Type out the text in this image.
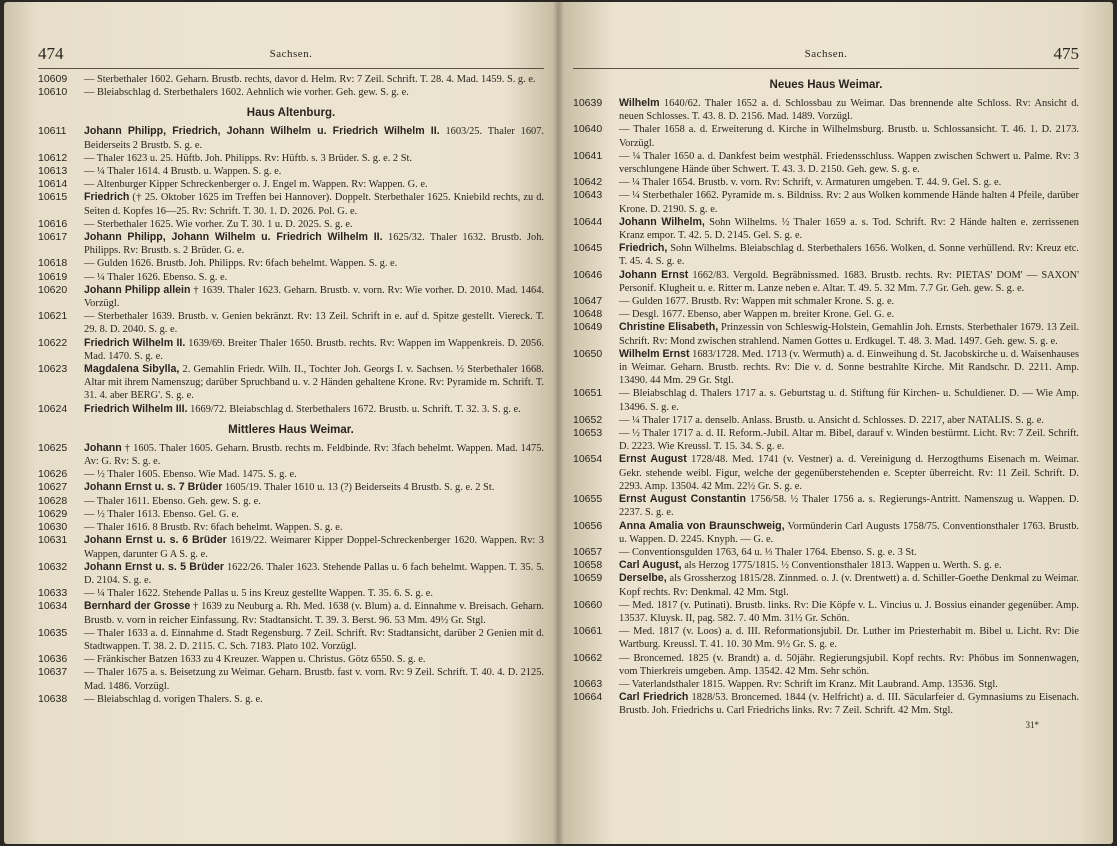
474	Sachsen.
10609 — Sterbethaler 1602. Geharn. Brustb. rechts, davor d. Helm. Rv: 7 Zeil. Schrift. T. 28. 4. Mad. 1459. S. g. e.
10610 — Bleiabschlag d. Sterbethalers 1602. Aehnlich wie vorher. Geh. gew. S. g. e.
Haus Altenburg.
10611 Johann Philipp, Friedrich, Johann Wilhelm u. Friedrich Wilhelm II. 1603/25. Thaler 1607. Beiderseits 2 Brustb. S. g. e.
10612 — Thaler 1623 u. 25. Hüftb. Joh. Philipps. Rv: Hüftb. s. 3 Brüder. S. g. e. 2 St.
10613 — ¼ Thaler 1614. 4 Brustb. u. Wappen. S. g. e.
10614 — Altenburger Kipper Schreckenberger o. J. Engel m. Wappen. Rv: Wappen. G. e.
10615 Friedrich († 25. Oktober 1625 im Treffen bei Hannover). Doppelt. Sterbethaler 1625. Kniebild rechts, zu d. Seiten d. Kopfes 16—25. Rv: Schrift. T. 30. 1. D. 2026. Pol. G. e.
10616 — Sterbethaler 1625. Wie vorher. Zu T. 30. 1 u. D. 2025. S. g. e.
10617 Johann Philipp, Johann Wilhelm u. Friedrich Wilhelm II. 1625/32. Thaler 1632. Brustb. Joh. Philipps. Rv: Brustb. s. 2 Brüder. G. e.
10618 — Gulden 1626. Brustb. Joh. Philipps. Rv: 6fach behelmt. Wappen. S. g. e.
10619 — ¼ Thaler 1626. Ebenso. S. g. e.
10620 Johann Philipp allein † 1639. Thaler 1623. Geharn. Brustb. v. vorn. Rv: Wie vorher. D. 2010. Mad. 1464. Vorzügl.
10621 — Sterbethaler 1639. Brustb. v. Genien bekränzt. Rv: 13 Zeil. Schrift in e. auf d. Spitze gestellt. Viereck. T. 29. 8. D. 2040. S. g. e.
10622 Friedrich Wilhelm II. 1639/69. Breiter Thaler 1650. Brustb. rechts. Rv: Wappen im Wappenkreis. D. 2056. Mad. 1470. S. g. e.
10623 Magdalena Sibylla, 2. Gemahlin Friedr. Wilh. II., Tochter Joh. Georgs I. v. Sachsen. ½ Sterbethaler 1668. Altar mit ihrem Namenszug; darüber Spruchband u. v. 2 Händen gehaltene Krone. Rv: Pyramide m. Schrift. T. 31. 4. aber BERG'. S. g. e.
10624 Friedrich Wilhelm III. 1669/72. Bleiabschlag d. Sterbethalers 1672. Brustb. u. Schrift. T. 32. 3. S. g. e.
Mittleres Haus Weimar.
10625 Johann † 1605. Thaler 1605. Geharn. Brustb. rechts m. Feldbinde. Rv: 3fach behelmt. Wappen. Mad. 1475. Av: G. Rv: S. g. e.
10626 — ½ Thaler 1605. Ebenso. Wie Mad. 1475. S. g. e.
10627 Johann Ernst u. s. 7 Brüder 1605/19. Thaler 1610 u. 13 (?) Beiderseits 4 Brustb. S. g. e. 2 St.
10628 — Thaler 1611. Ebenso. Geh. gew. S. g. e.
10629 — ½ Thaler 1613. Ebenso. Gel. G. e.
10630 — Thaler 1616. 8 Brustb. Rv: 6fach behelmt. Wappen. S. g. e.
10631 Johann Ernst u. s. 6 Brüder 1619/22. Weimarer Kipper Doppel-Schreckenberger 1620. Wappen. Rv: 3 Wappen, darunter G A S. g. e.
10632 Johann Ernst u. s. 5 Brüder 1622/26. Thaler 1623. Stehende Pallas u. 6 fach behelmt. Wappen. T. 35. 5. D. 2104. S. g. e.
10633 — ¼ Thaler 1622. Stehende Pallas u. 5 ins Kreuz gestellte Wappen. T. 35. 6. S. g. e.
10634 Bernhard der Grosse † 1639 zu Neuburg a. Rh. Med. 1638 (v. Blum) a. d. Einnahme v. Breisach. Geharn. Brustb. v. vorn in reicher Einfassung. Rv: Stadtansicht. T. 39. 3. Berst. 96. 53 Mm. 49½ Gr. Stgl.
10635 — Thaler 1633 a. d. Einnahme d. Stadt Regensburg. 7 Zeil. Schrift. Rv: Stadtansicht, darüber 2 Genien mit d. Stadtwappen. T. 38. 2. D. 2115. C. Sch. 7183. Plato 102. Vorzügl.
10636 — Fränkischer Batzen 1633 zu 4 Kreuzer. Wappen u. Christus. Götz 6550. S. g. e.
10637 — Thaler 1675 a. s. Beisetzung zu Weimar. Geharn. Brustb. fast v. vorn. Rv: 9 Zeil. Schrift. T. 40. 4. D. 2125. Mad. 1486. Vorzügl.
10638 — Bleiabschlag d. vorigen Thalers. S. g. e.
Sachsen.	475
Neues Haus Weimar.
10639 Wilhelm 1640/62. Thaler 1652 a. d. Schlossbau zu Weimar. Das brennende alte Schloss. Rv: Ansicht d. neuen Schlosses. T. 43. 8. D. 2156. Mad. 1489. Vorzügl.
10640 — Thaler 1658 a. d. Erweiterung d. Kirche in Wilhelmsburg. Brustb. u. Schlossansicht. T. 46. 1. D. 2173. Vorzügl.
10641 — ¼ Thaler 1650 a. d. Dankfest beim westphäl. Friedensschluss. Wappen zwischen Schwert u. Palme. Rv: 3 verschlungene Hände über Schwert. T. 43. 3. D. 2150. Geh. gew. S. g. e.
10642 — ¼ Thaler 1654. Brustb. v. vorn. Rv: Schrift, v. Armaturen umgeben. T. 44. 9. Gel. S. g. e.
10643 — ¼ Sterbethaler 1662. Pyramide m. s. Bildniss. Rv: 2 aus Wolken kommende Hände halten 4 Pfeile, darüber Krone. D. 2190. S. g. e.
10644 Johann Wilhelm, Sohn Wilhelms. ½ Thaler 1659 a. s. Tod. Schrift. Rv: 2 Hände halten e. zerrissenen Kranz empor. T. 42. 5. D. 2145. Gel. S. g. e.
10645 Friedrich, Sohn Wilhelms. Bleiabschlag d. Sterbethalers 1656. Wolken, d. Sonne verhüllend. Rv: Kreuz etc. T. 45. 4. S. g. e.
10646 Johann Ernst 1662/83. Vergold. Begräbnissmed. 1683. Brustb. rechts. Rv: PIETAS' DOM' — SAXON' Personif. Klugheit u. e. Ritter m. Lanze neben e. Altar. T. 49. 5. 32 Mm. 7.7 Gr. Geh. gew. S. g. e.
10647 — Gulden 1677. Brustb. Rv: Wappen mit schmaler Krone. S. g. e.
10648 — Desgl. 1677. Ebenso, aber Wappen m. breiter Krone. Gel. G. e.
10649 Christine Elisabeth, Prinzessin von Schleswig-Holstein, Gemahlin Joh. Ernsts. Sterbethaler 1679. 13 Zeil. Schrift. Rv: Mond zwischen strahlend. Namen Gottes u. Erdkugel. T. 48. 3. Mad. 1497. Geh. gew. S. g. e.
10650 Wilhelm Ernst 1683/1728. Med. 1713 (v. Wermuth) a. d. Einweihung d. St. Jacobskirche u. d. Waisenhauses in Weimar. Geharn. Brustb. rechts. Rv: Die v. d. Sonne bestrahlte Kirche. Mit Randschr. D. 2211. Amp. 13490. 44 Mm. 29 Gr. Stgl.
10651 — Bleiabschlag d. Thalers 1717 a. s. Geburtstag u. d. Stiftung für Kirchen- u. Schuldiener. D. — Wie Amp. 13496. S. g. e.
10652 — ¼ Thaler 1717 a. denselb. Anlass. Brustb. u. Ansicht d. Schlosses. D. 2217, aber NATALIS. S. g. e.
10653 — ½ Thaler 1717 a. d. II. Reform.-Jubil. Altar m. Bibel, darauf v. Winden bestürmt. Licht. Rv: 7 Zeil. Schrift. D. 2223. Wie Kreussl. T. 15. 34. S. g. e.
10654 Ernst August 1728/48. Med. 1741 (v. Vestner) a. d. Vereinigung d. Herzogthums Eisenach m. Weimar. Gekr. stehende weibl. Figur, welche der gegenüberstehenden e. Scepter überreicht. Rv: 11 Zeil. Schrift. D. 2293. Amp. 13504. 42 Mm. 22½ Gr. S. g. e.
10655 Ernst August Constantin 1756/58. ½ Thaler 1756 a. s. Regierungs-Antritt. Namenszug u. Wappen. D. 2237. S. g. e.
10656 Anna Amalia von Braunschweig, Vormünderin Carl Augusts 1758/75. Conventionsthaler 1763. Brustb. u. Wappen. D. 2245. Knyph. — G. e.
10657 — Conventionsgulden 1763, 64 u. ⅓ Thaler 1764. Ebenso. S. g. e. 3 St.
10658 Carl August, als Herzog 1775/1815. ½ Conventionsthaler 1813. Wappen u. Werth. S. g. e.
10659 Derselbe, als Grossherzog 1815/28. Zinnmed. o. J. (v. Drentwett) a. d. Schiller-Goethe Denkmal zu Weimar. Kopf rechts. Rv: Denkmal. 42 Mm. Stgl.
10660 — Med. 1817 (v. Putinati). Brustb. links. Rv: Die Köpfe v. L. Vincius u. J. Bossius einander gegenüber. Amp. 13537. Kluysk. II, pag. 582. 7. 40 Mm. 31½ Gr. Schön.
10661 — Med. 1817 (v. Loos) a. d. III. Reformationsjubil. Dr. Luther im Priesterhabit m. Bibel u. Licht. Rv: Die Wartburg. Kreussl. T. 41. 10. 30 Mm. 9½ Gr. S. g. e.
10662 — Broncemed. 1825 (v. Brandt) a. d. 50jähr. Regierungsjubil. Kopf rechts. Rv: Phöbus im Sonnenwagen, vom Thierkreis umgeben. Amp. 13542. 42 Mm. Sehr schön.
10663 — Vaterlandsthaler 1815. Wappen. Rv: Schrift im Kranz. Mit Laubrand. Amp. 13536. Stgl.
10664 Carl Friedrich 1828/53. Broncemed. 1844 (v. Helfricht) a. d. III. Säcularfeier d. Gymnasiums zu Eisenach. Brustb. Joh. Friedrichs u. Carl Friedrichs links. Rv: 7 Zeil. Schrift. 42 Mm. Stgl.
31*
